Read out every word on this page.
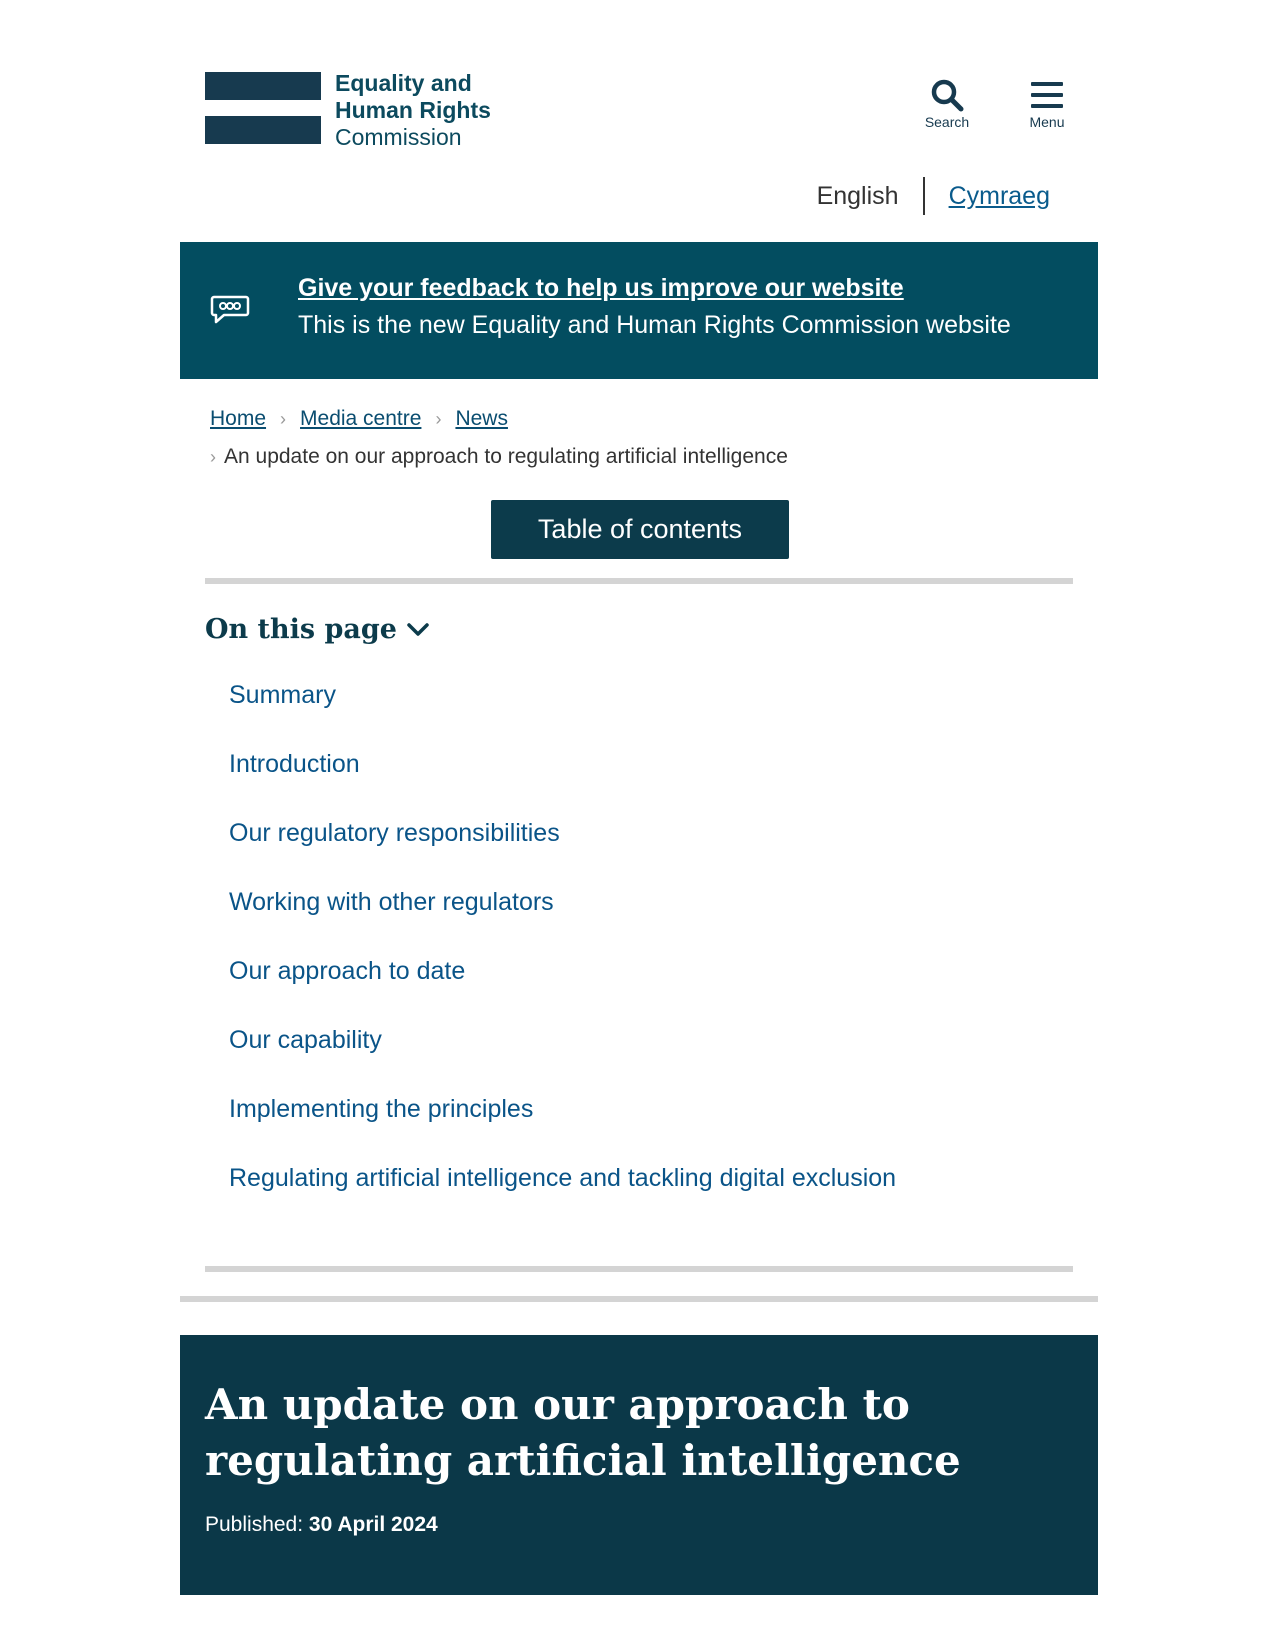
Equality and
Human Rights
Commission
Search	Menu
English	Cymraeg
Give your feedback to help us improve our website
This is the new Equality and Human Rights Commission website
Home › Media centre › News
› An update on our approach to regulating artificial intelligence
Table of contents
On this page
Summary
Introduction
Our regulatory responsibilities
Working with other regulators
Our approach to date
Our capability
Implementing the principles
Regulating artificial intelligence and tackling digital exclusion
An update on our approach to regulating artificial intelligence
Published: 30 April 2024
